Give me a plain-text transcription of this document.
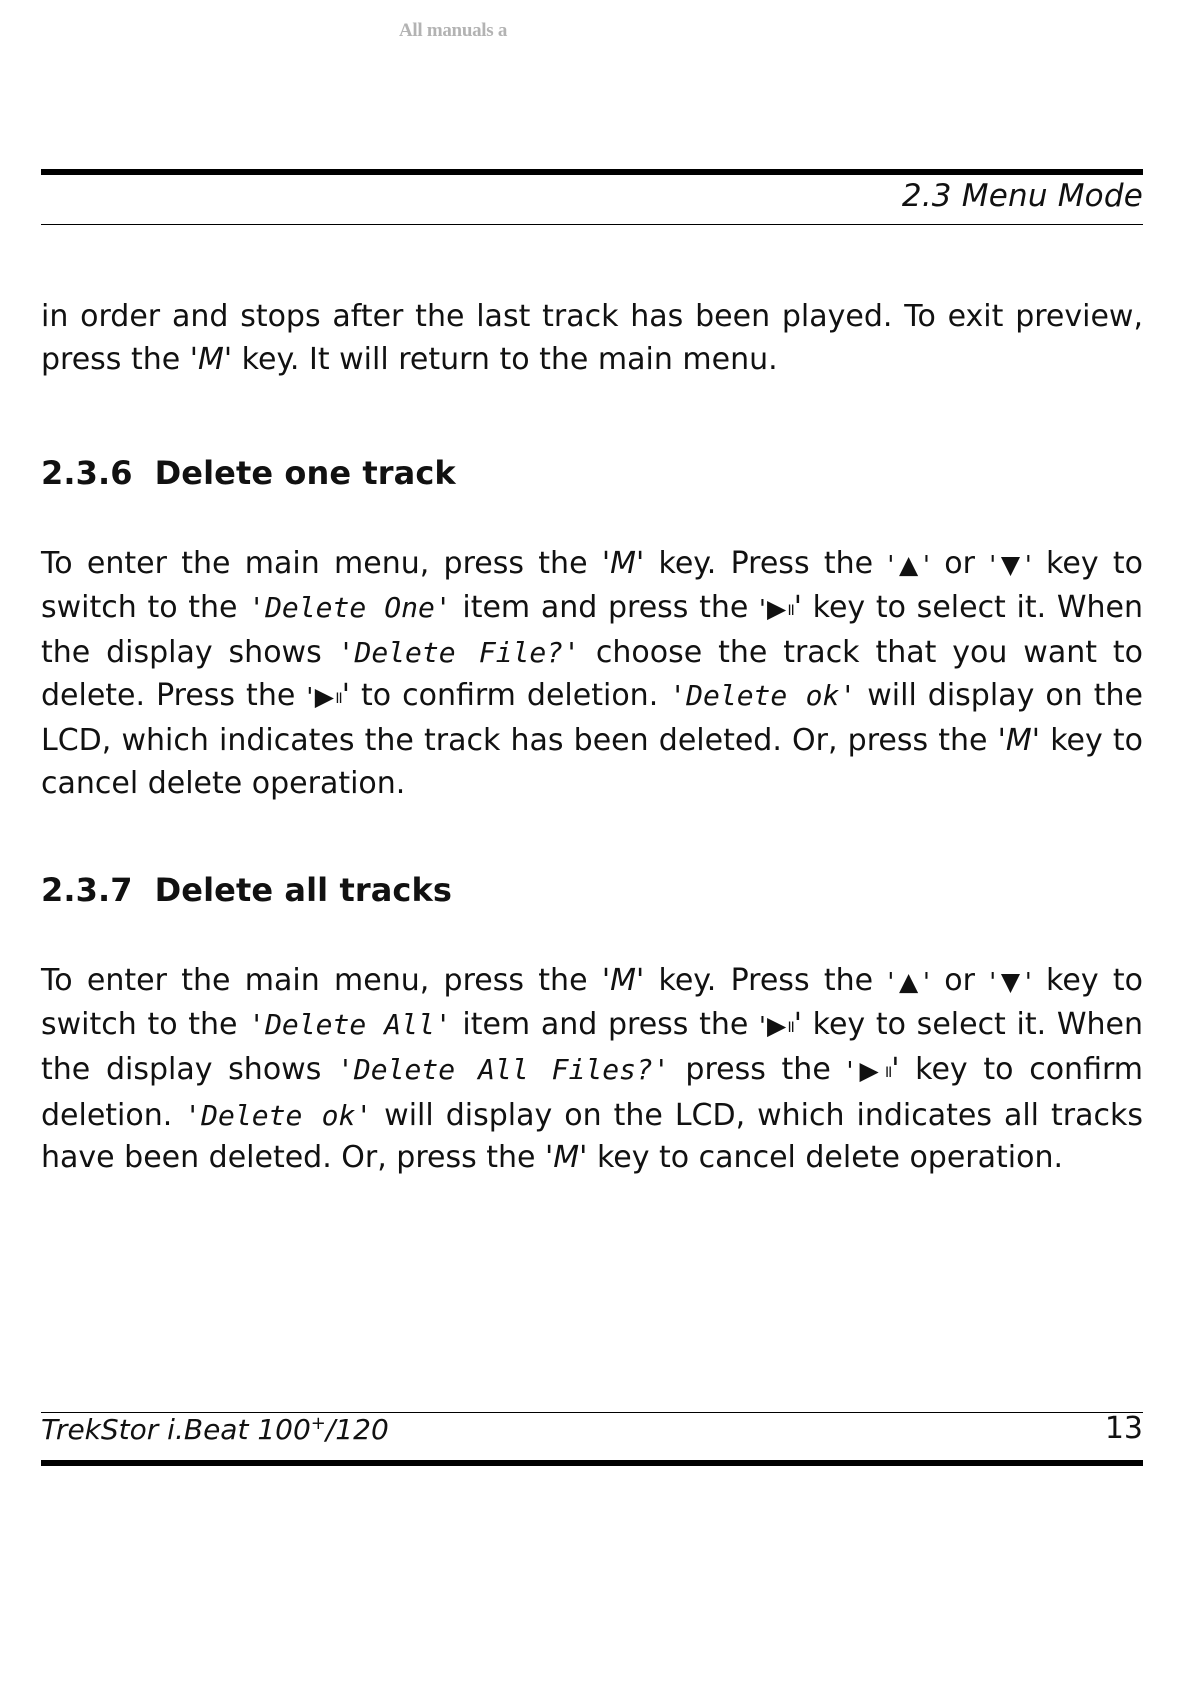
All manuals a
2.3 Menu Mode

in order and stops after the last track has been played. To exit preview, press the 'M' key. It will return to the main menu.

2.3.6 Delete one track

To enter the main menu, press the 'M' key. Press the '▲' or '▼' key to switch to the 'Delete One' item and press the '▶II' key to select it. When the display shows 'Delete File?' choose the track that you want to delete. Press the '▶II' to confirm deletion. 'Delete ok' will display on the LCD, which indicates the track has been deleted. Or, press the 'M' key to cancel delete operation.

2.3.7 Delete all tracks

To enter the main menu, press the 'M' key. Press the '▲' or '▼' key to switch to the 'Delete All' item and press the '▶II' key to select it. When the display shows 'Delete All Files?' press the '▶II' key to confirm deletion. 'Delete ok' will display on the LCD, which indicates all tracks have been deleted. Or, press the 'M' key to cancel delete operation.

TrekStor i.Beat 100+/120	13
